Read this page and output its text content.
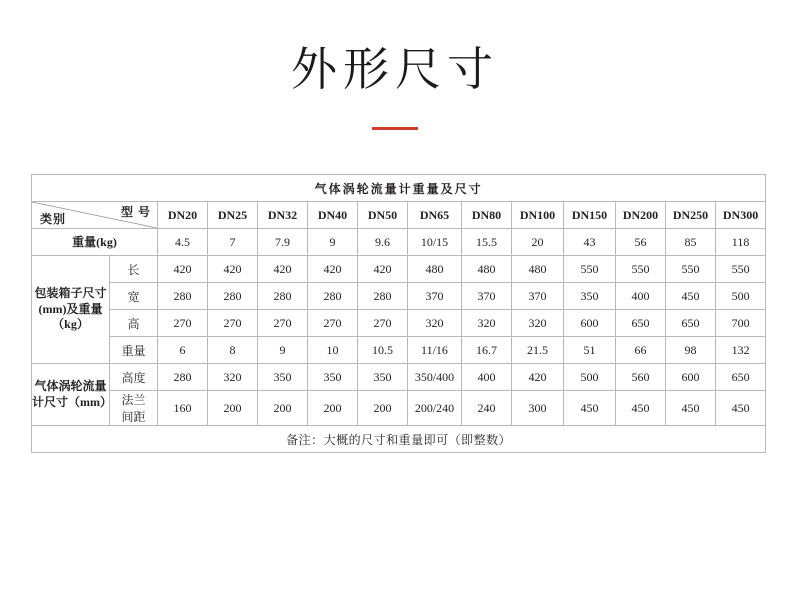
外形尺寸
气体涡轮流量计重量及尺寸													

型 号
类别		DN20	DN25	DN32	DN40	DN50	DN65	DN80	DN100	DN150	DN200	DN250	DN300
重量(kg)		4.5	7	7.9	9	9.6	10/15	15.5	20	43	56	85	118

包装箱子尺寸
(mm)及重量
（kg）	长	420	420	420	420	420	480	480	480	550	550	550	550
	宽	280	280	280	280	280	370	370	370	350	400	450	500
	高	270	270	270	270	270	320	320	320	600	650	650	700
	重量	6	8	9	10	10.5	11/16	16.7	21.5	51	66	98	132

气体涡轮流量
计尺寸（mm）	高度	280	320	350	350	350	350/400	400	420	500	560	600	650

	法兰
间距	160	200	200	200	200	200/240	240	300	450	450	450	450
备注：大概的尺寸和重量即可（即整数）													
